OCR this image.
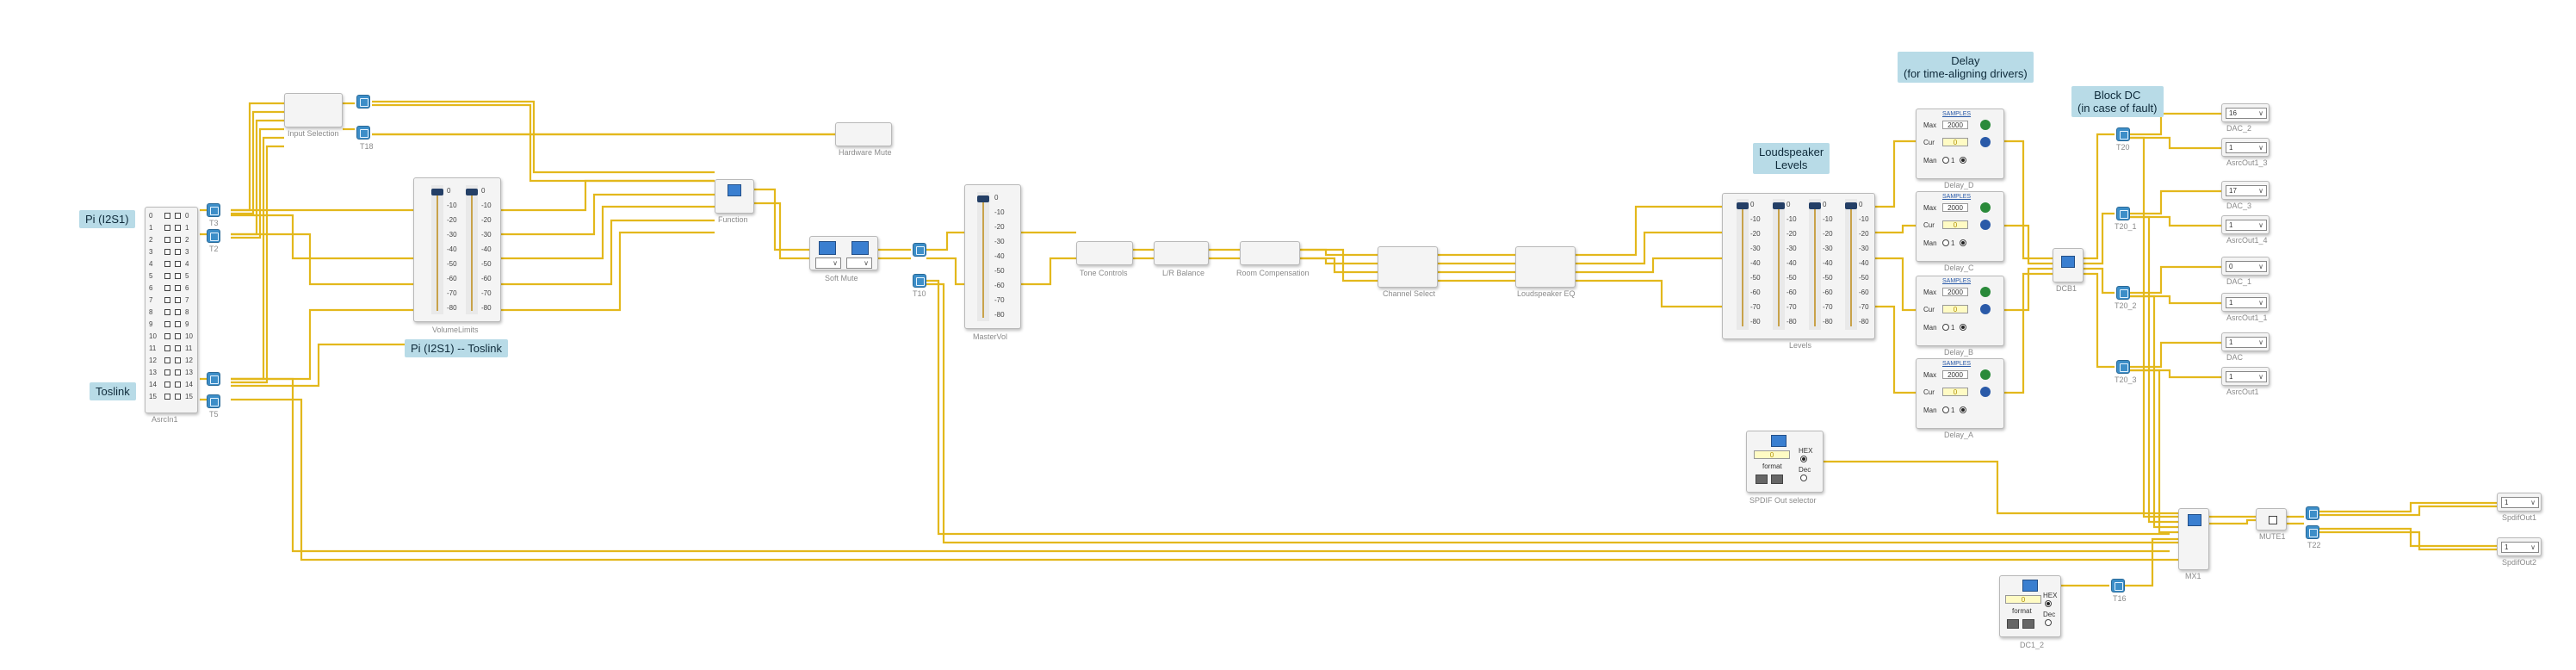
Pi (I2S1)
Toslink
Pi (I2S1) -- Toslink
Loudspeaker
Levels
Delay
(for time-aligning drivers)
Block DC
(in case of fault)
0	0
1	1
2	2
3	3
4	4
5	5
6	6
7	7
8	8
9	9
10	10
11	11
12	12
13	13
14	14
15	15
AsrcIn1
T3
T2
T5
Input Selection
T18
Hardware Mute
0
-10
-20
-30
-40
-50
-60
-70
-80
0
-10
-20
-30
-40
-50
-60
-70
-80
VolumeLimits
Function
∨
∨
Soft Mute
T10
0
-10
-20
-30
-40
-50
-60
-70
-80
MasterVol
Tone Controls	L/R Balance	Room Compensation
Channel Select	Loudspeaker EQ
0
-10
-20
-30
-40
-50
-60
-70
-80
0
-10
-20
-30
-40
-50
-60
-70
-80
0
-10
-20
-30
-40
-50
-60
-70
-80
0
-10
-20
-30
-40
-50
-60
-70
-80
Levels
SAMPLES
Max	2000
Cur	0
Man 1
Delay_D
SAMPLES
Max	2000
Cur	0
Man 1
Delay_C
SAMPLES
Max	2000
Cur	0
Man 1
Delay_B
SAMPLES
Max	2000
Cur	0
Man 1
Delay_A
DCB1
T20
T20_1
T20_2
T20_3
16 ∨
DAC_2
1 ∨
AsrcOut1_3
17 ∨
DAC_3
1 ∨
AsrcOut1_4
0 ∨
DAC_1
1 ∨
AsrcOut1_1
1 ∨
DAC
1 ∨
AsrcOut1
0
HEX
format Dec
SPDIF Out selector
0
HEX
format Dec
DC1_2
T16
MX1
MUTE1
T22
1 ∨
SpdifOut1
1 ∨
SpdifOut2
